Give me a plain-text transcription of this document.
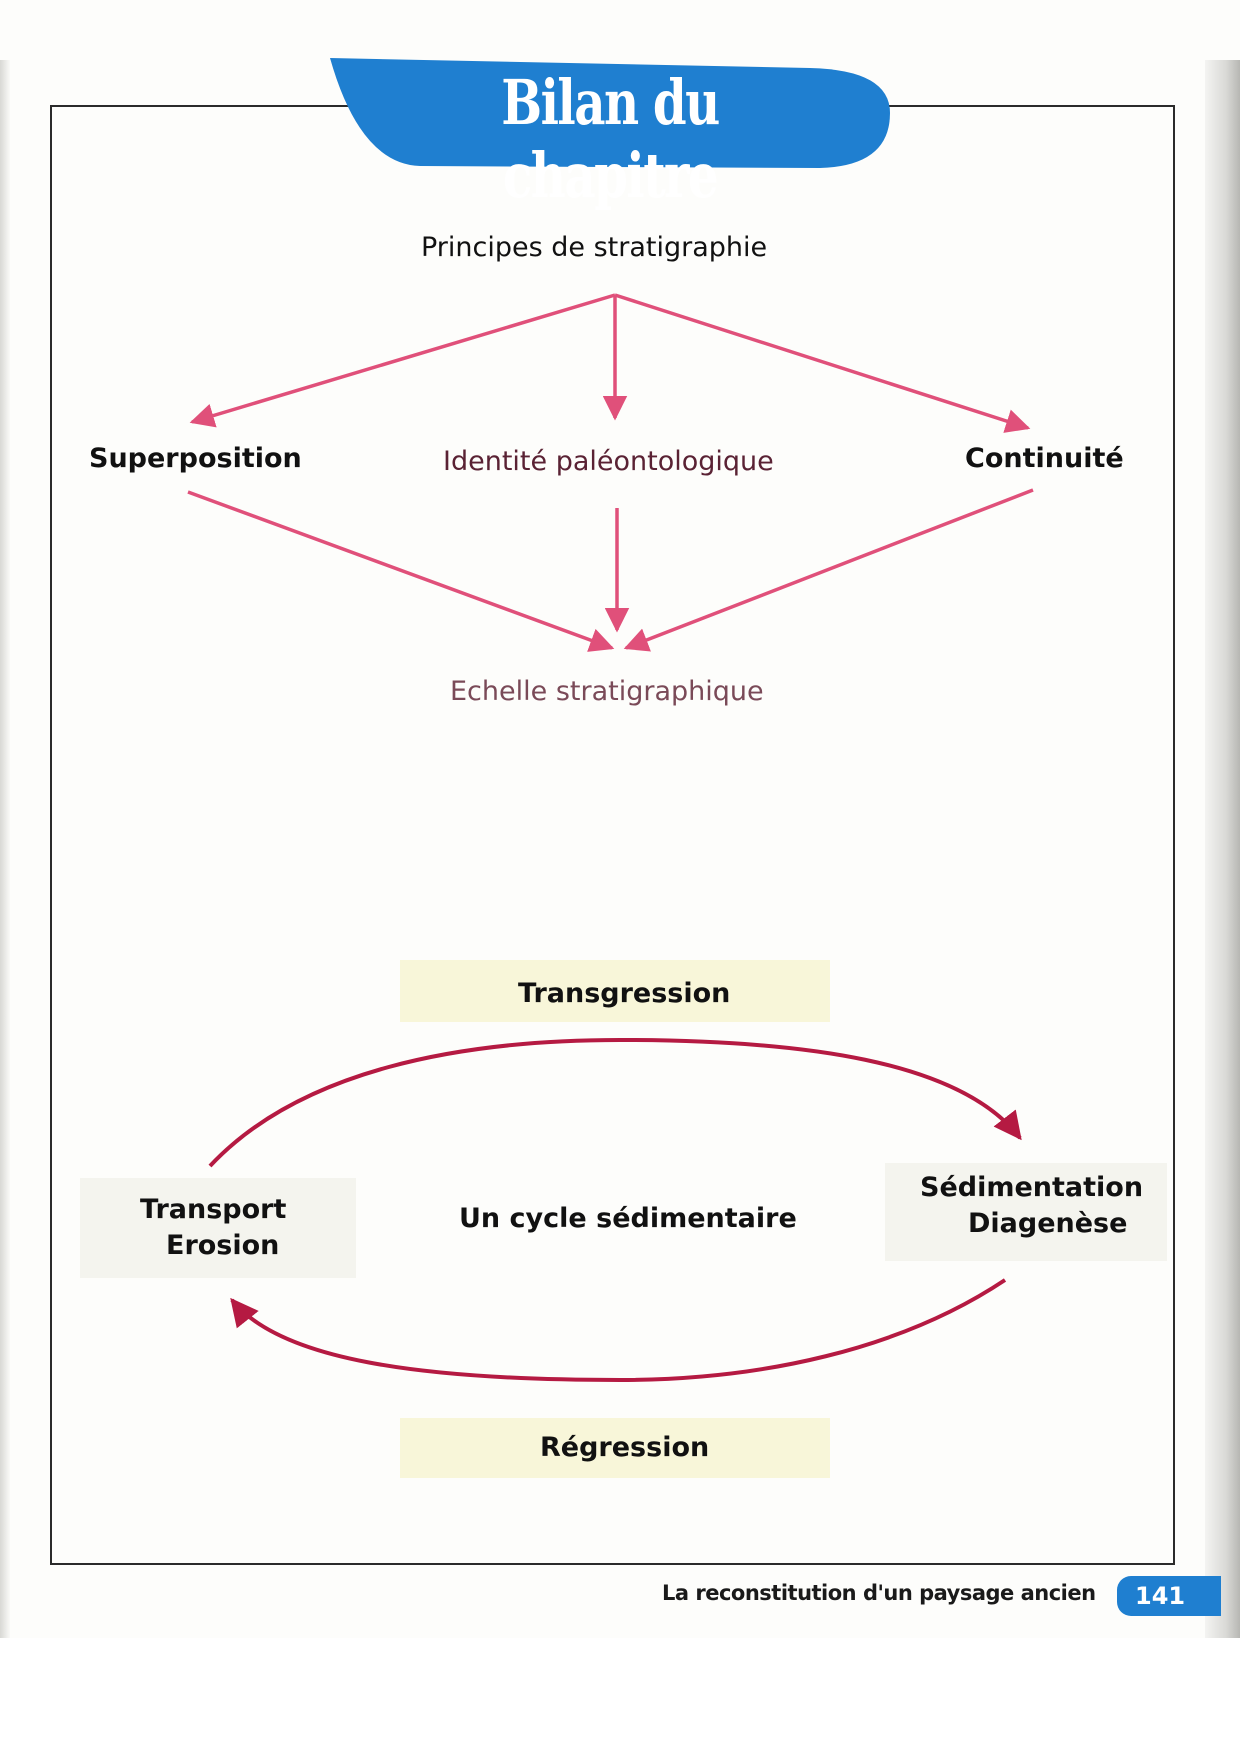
Bilan du chapitre
Principes de stratigraphie
Superposition	Identité paléontologique	Continuité
Echelle stratigraphique
Transgression
Transport
Erosion
Un cycle sédimentaire
Sédimentation
Diagenèse
Régression
La reconstitution d'un paysage ancien	141
